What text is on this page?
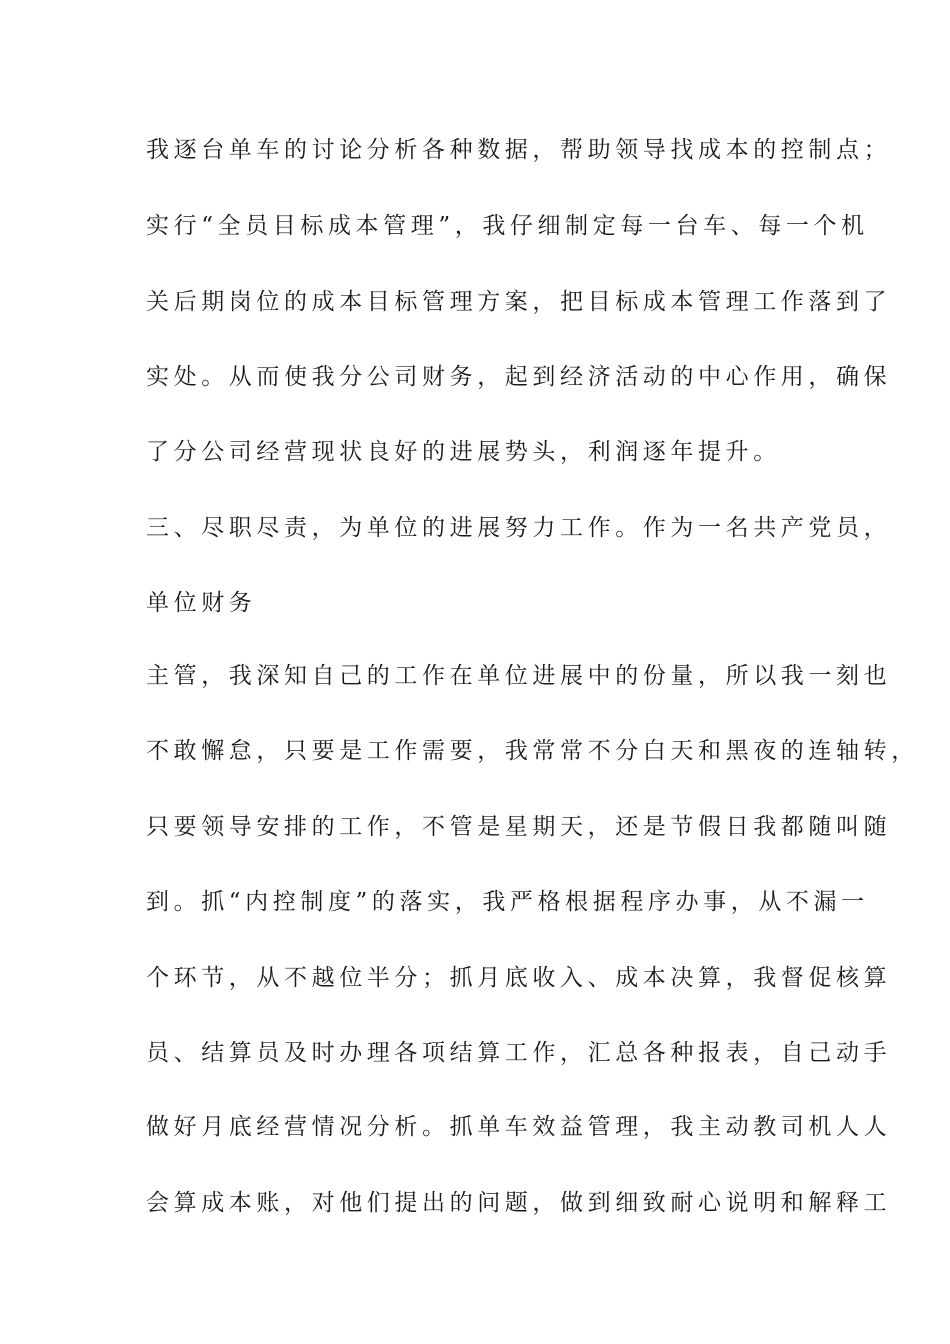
我逐台单车的讨论分析各种数据，帮助领导找成本的控制点；
实行“全员目标成本管理”，我仔细制定每一台车、每一个机
关后期岗位的成本目标管理方案，把目标成本管理工作落到了
实处。从而使我分公司财务，起到经济活动的中心作用，确保
了分公司经营现状良好的进展势头，利润逐年提升。
三、尽职尽责，为单位的进展努力工作。作为一名共产党员，
单位财务
主管，我深知自己的工作在单位进展中的份量，所以我一刻也
不敢懈怠，只要是工作需要，我常常不分白天和黑夜的连轴转，
只要领导安排的工作，不管是星期天，还是节假日我都随叫随
到。抓“内控制度”的落实，我严格根据程序办事，从不漏一
个环节，从不越位半分；抓月底收入、成本决算，我督促核算
员、结算员及时办理各项结算工作，汇总各种报表，自己动手
做好月底经营情况分析。抓单车效益管理，我主动教司机人人
会算成本账，对他们提出的问题，做到细致耐心说明和解释工
